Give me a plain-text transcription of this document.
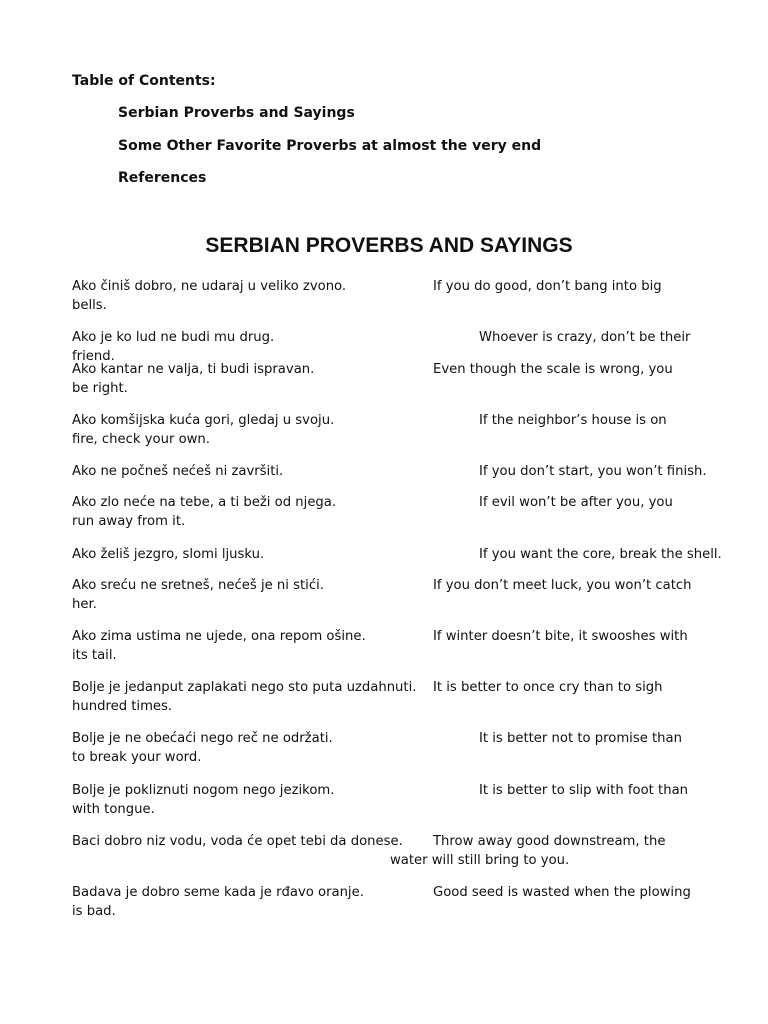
Table of Contents:
Serbian Proverbs and Sayings
Some Other Favorite Proverbs at almost the very end
References
SERBIAN PROVERBS AND SAYINGS

Ako činiš dobro, ne udaraj u veliko zvono.	If you do good, don’t bang into big
bells.

Ako je ko lud ne budi mu drug.	Whoever is crazy, don’t be their friend.

Ako kantar ne valja, ti budi ispravan.	Even though the scale is wrong, you
be right.

Ako komšijska kuća gori, gledaj u svoju.	If the neighbor’s house is on
fire, check your own.

Ako ne počneš nećeš ni završiti.	If you don’t start, you won’t finish.

Ako zlo neće na tebe, a ti beži od njega.	If evil won’t be after you, you
run away from it.

Ako želiš jezgro, slomi ljusku.	If you want the core, break the shell.

Ako sreću ne sretneš, nećeš je ni stići.	If you don’t meet luck, you won’t catch
her.

Ako zima ustima ne ujede, ona repom ošine.	If winter doesn’t bite, it swooshes with
its tail.

Bolje je jedanput zaplakati nego sto puta uzdahnuti. It is better to once cry than to sigh
hundred times.

Bolje je ne obećaći nego reč ne održati.	It is better not to promise than
to break your word.

Bolje je pokliznuti nogom nego jezikom.	It is better to slip with foot than
with tongue.

Baci dobro niz vodu, voda će opet tebi da donese. Throw away good downstream, the
water will still bring to you.

Badava je dobro seme kada je rđavo oranje.	Good seed is wasted when the plowing
is bad.
